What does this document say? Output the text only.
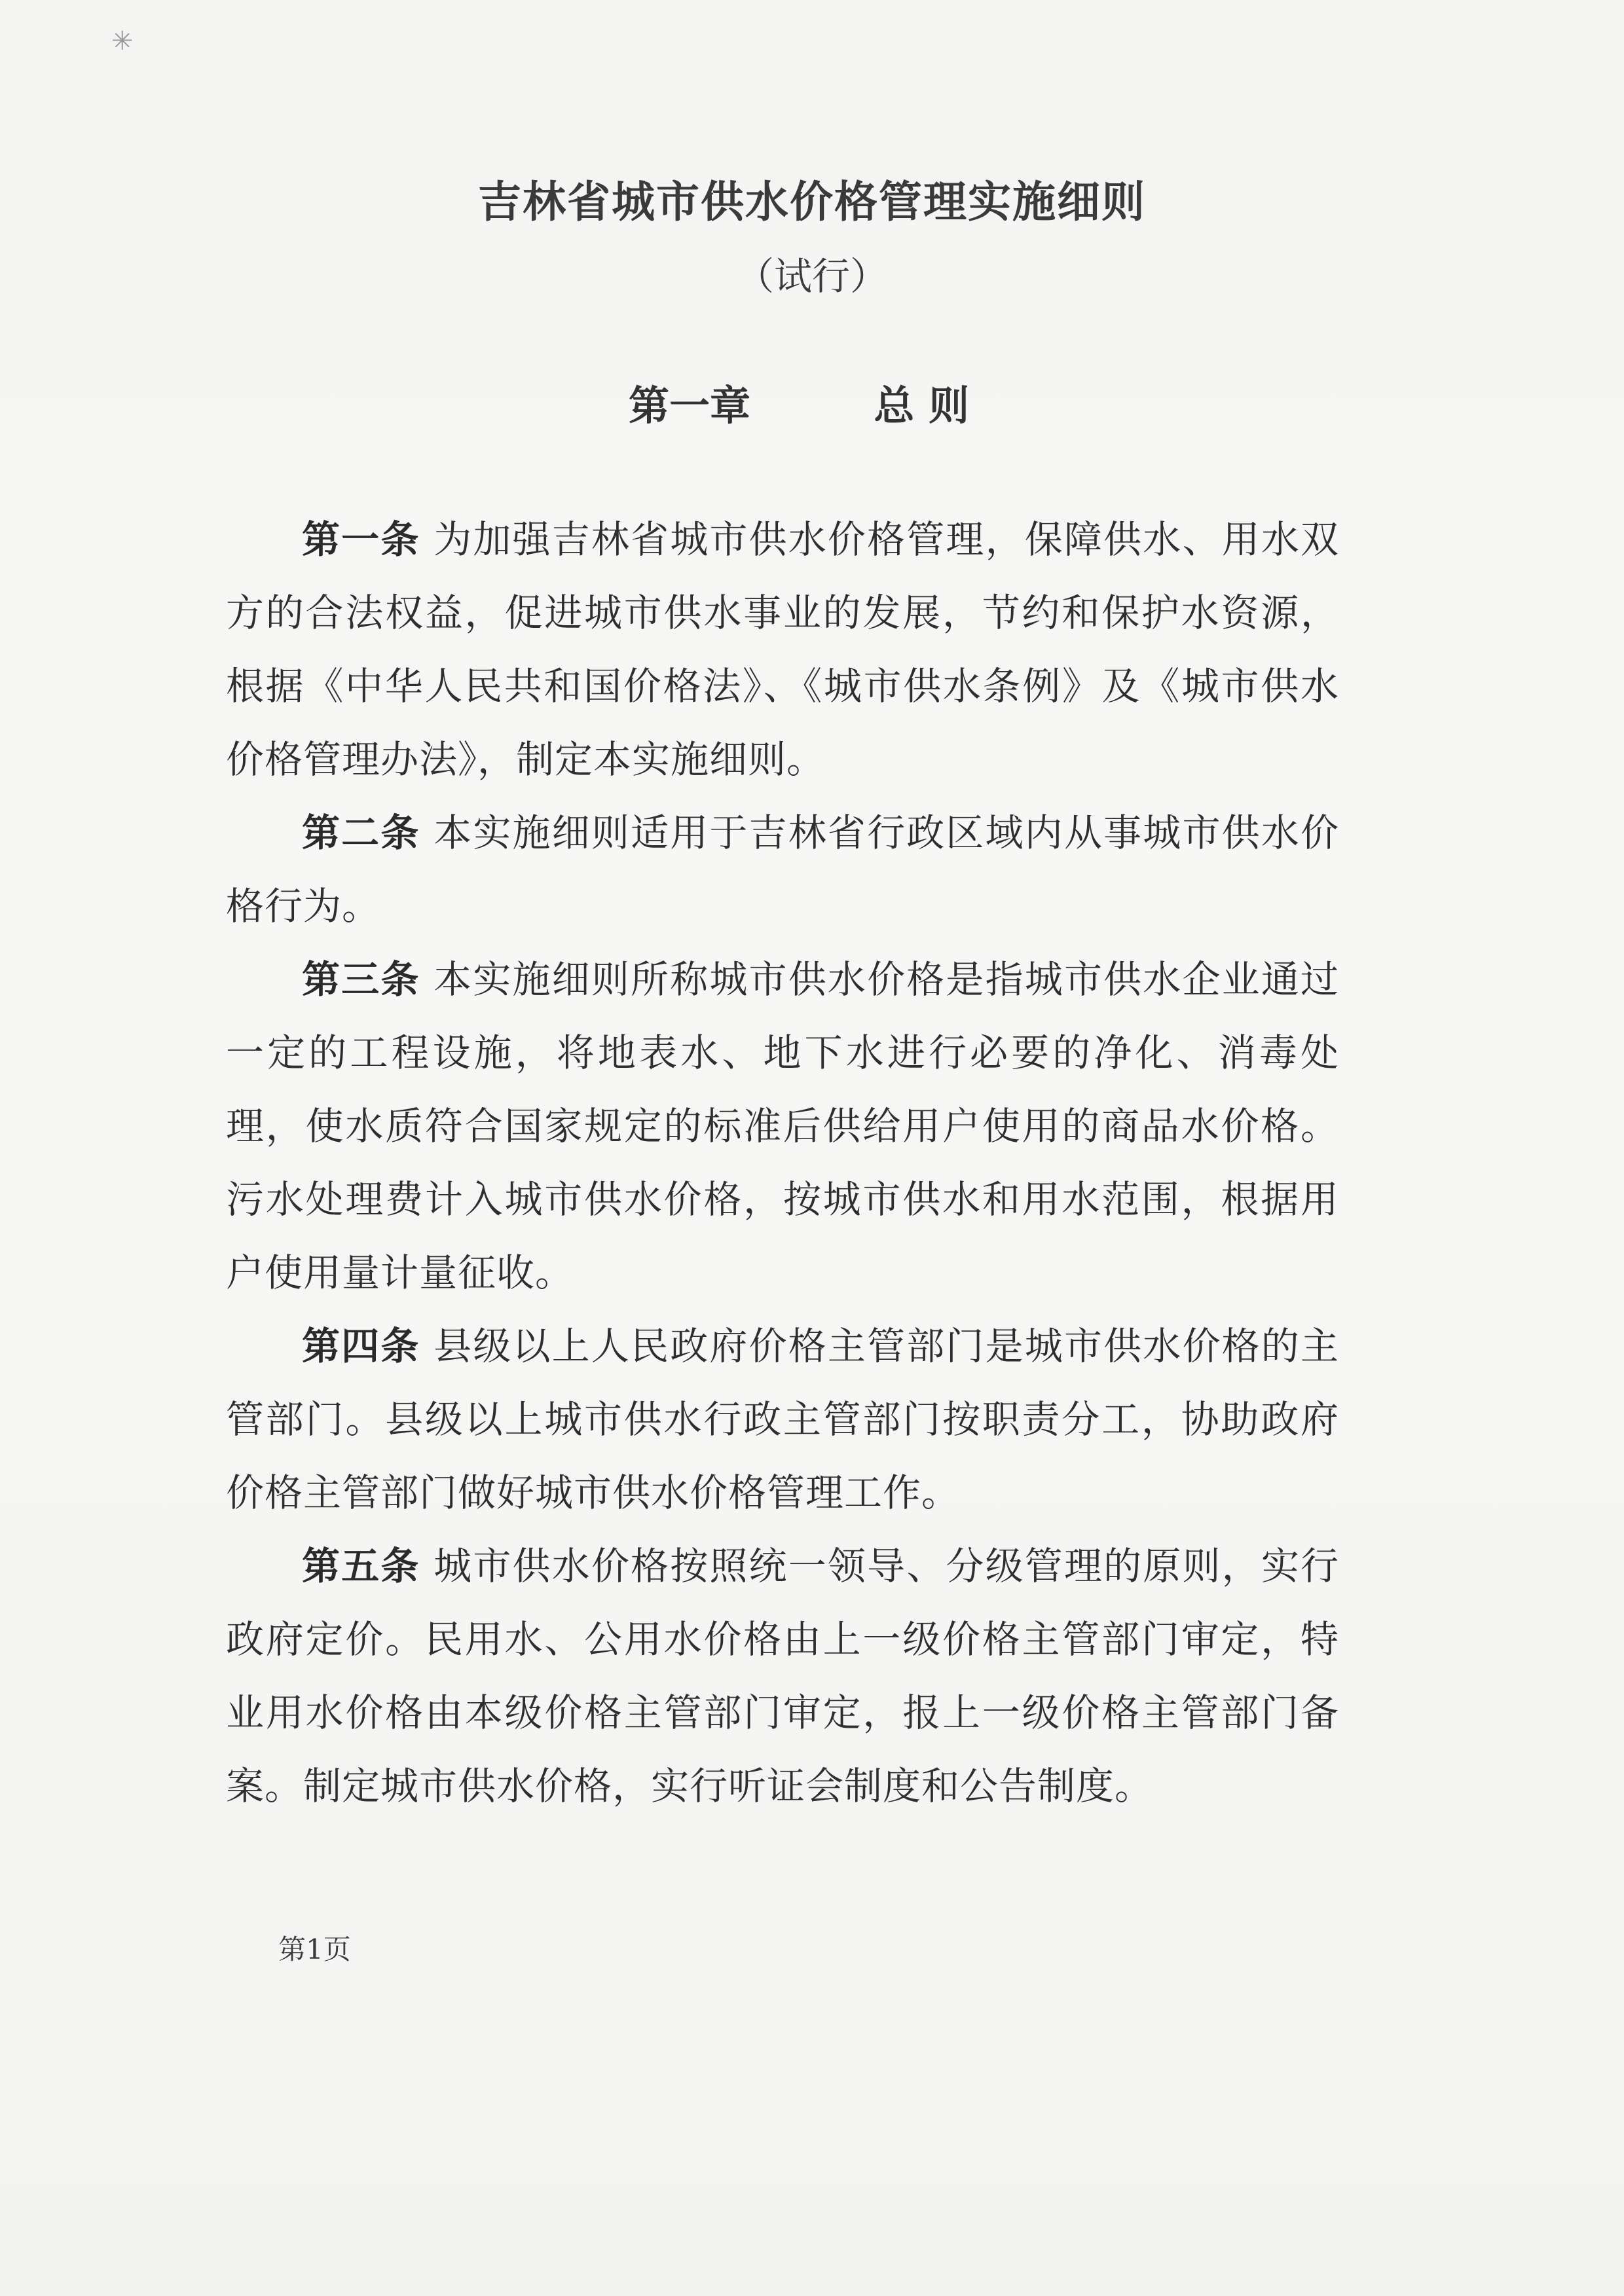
✳
吉林省城市供水价格管理实施细则
（试行）
第一章	总 则

第一条 为加强吉林省城市供水价格管理，保障供水、用水双方的合法权益，促进城市供水事业的发展，节约和保护水资源，根据《中华人民共和国价格法》、《城市供水条例》及《城市供水价格管理办法》，制定本实施细则。

第二条 本实施细则适用于吉林省行政区域内从事城市供水价格行为。

第三条 本实施细则所称城市供水价格是指城市供水企业通过一定的工程设施，将地表水、地下水进行必要的净化、消毒处理，使水质符合国家规定的标准后供给用户使用的商品水价格。污水处理费计入城市供水价格，按城市供水和用水范围，根据用户使用量计量征收。

第四条 县级以上人民政府价格主管部门是城市供水价格的主管部门。县级以上城市供水行政主管部门按职责分工，协助政府价格主管部门做好城市供水价格管理工作。

第五条 城市供水价格按照统一领导、分级管理的原则，实行政府定价。民用水、公用水价格由上一级价格主管部门审定，特业用水价格由本级价格主管部门审定，报上一级价格主管部门备案。制定城市供水价格，实行听证会制度和公告制度。

第1页
